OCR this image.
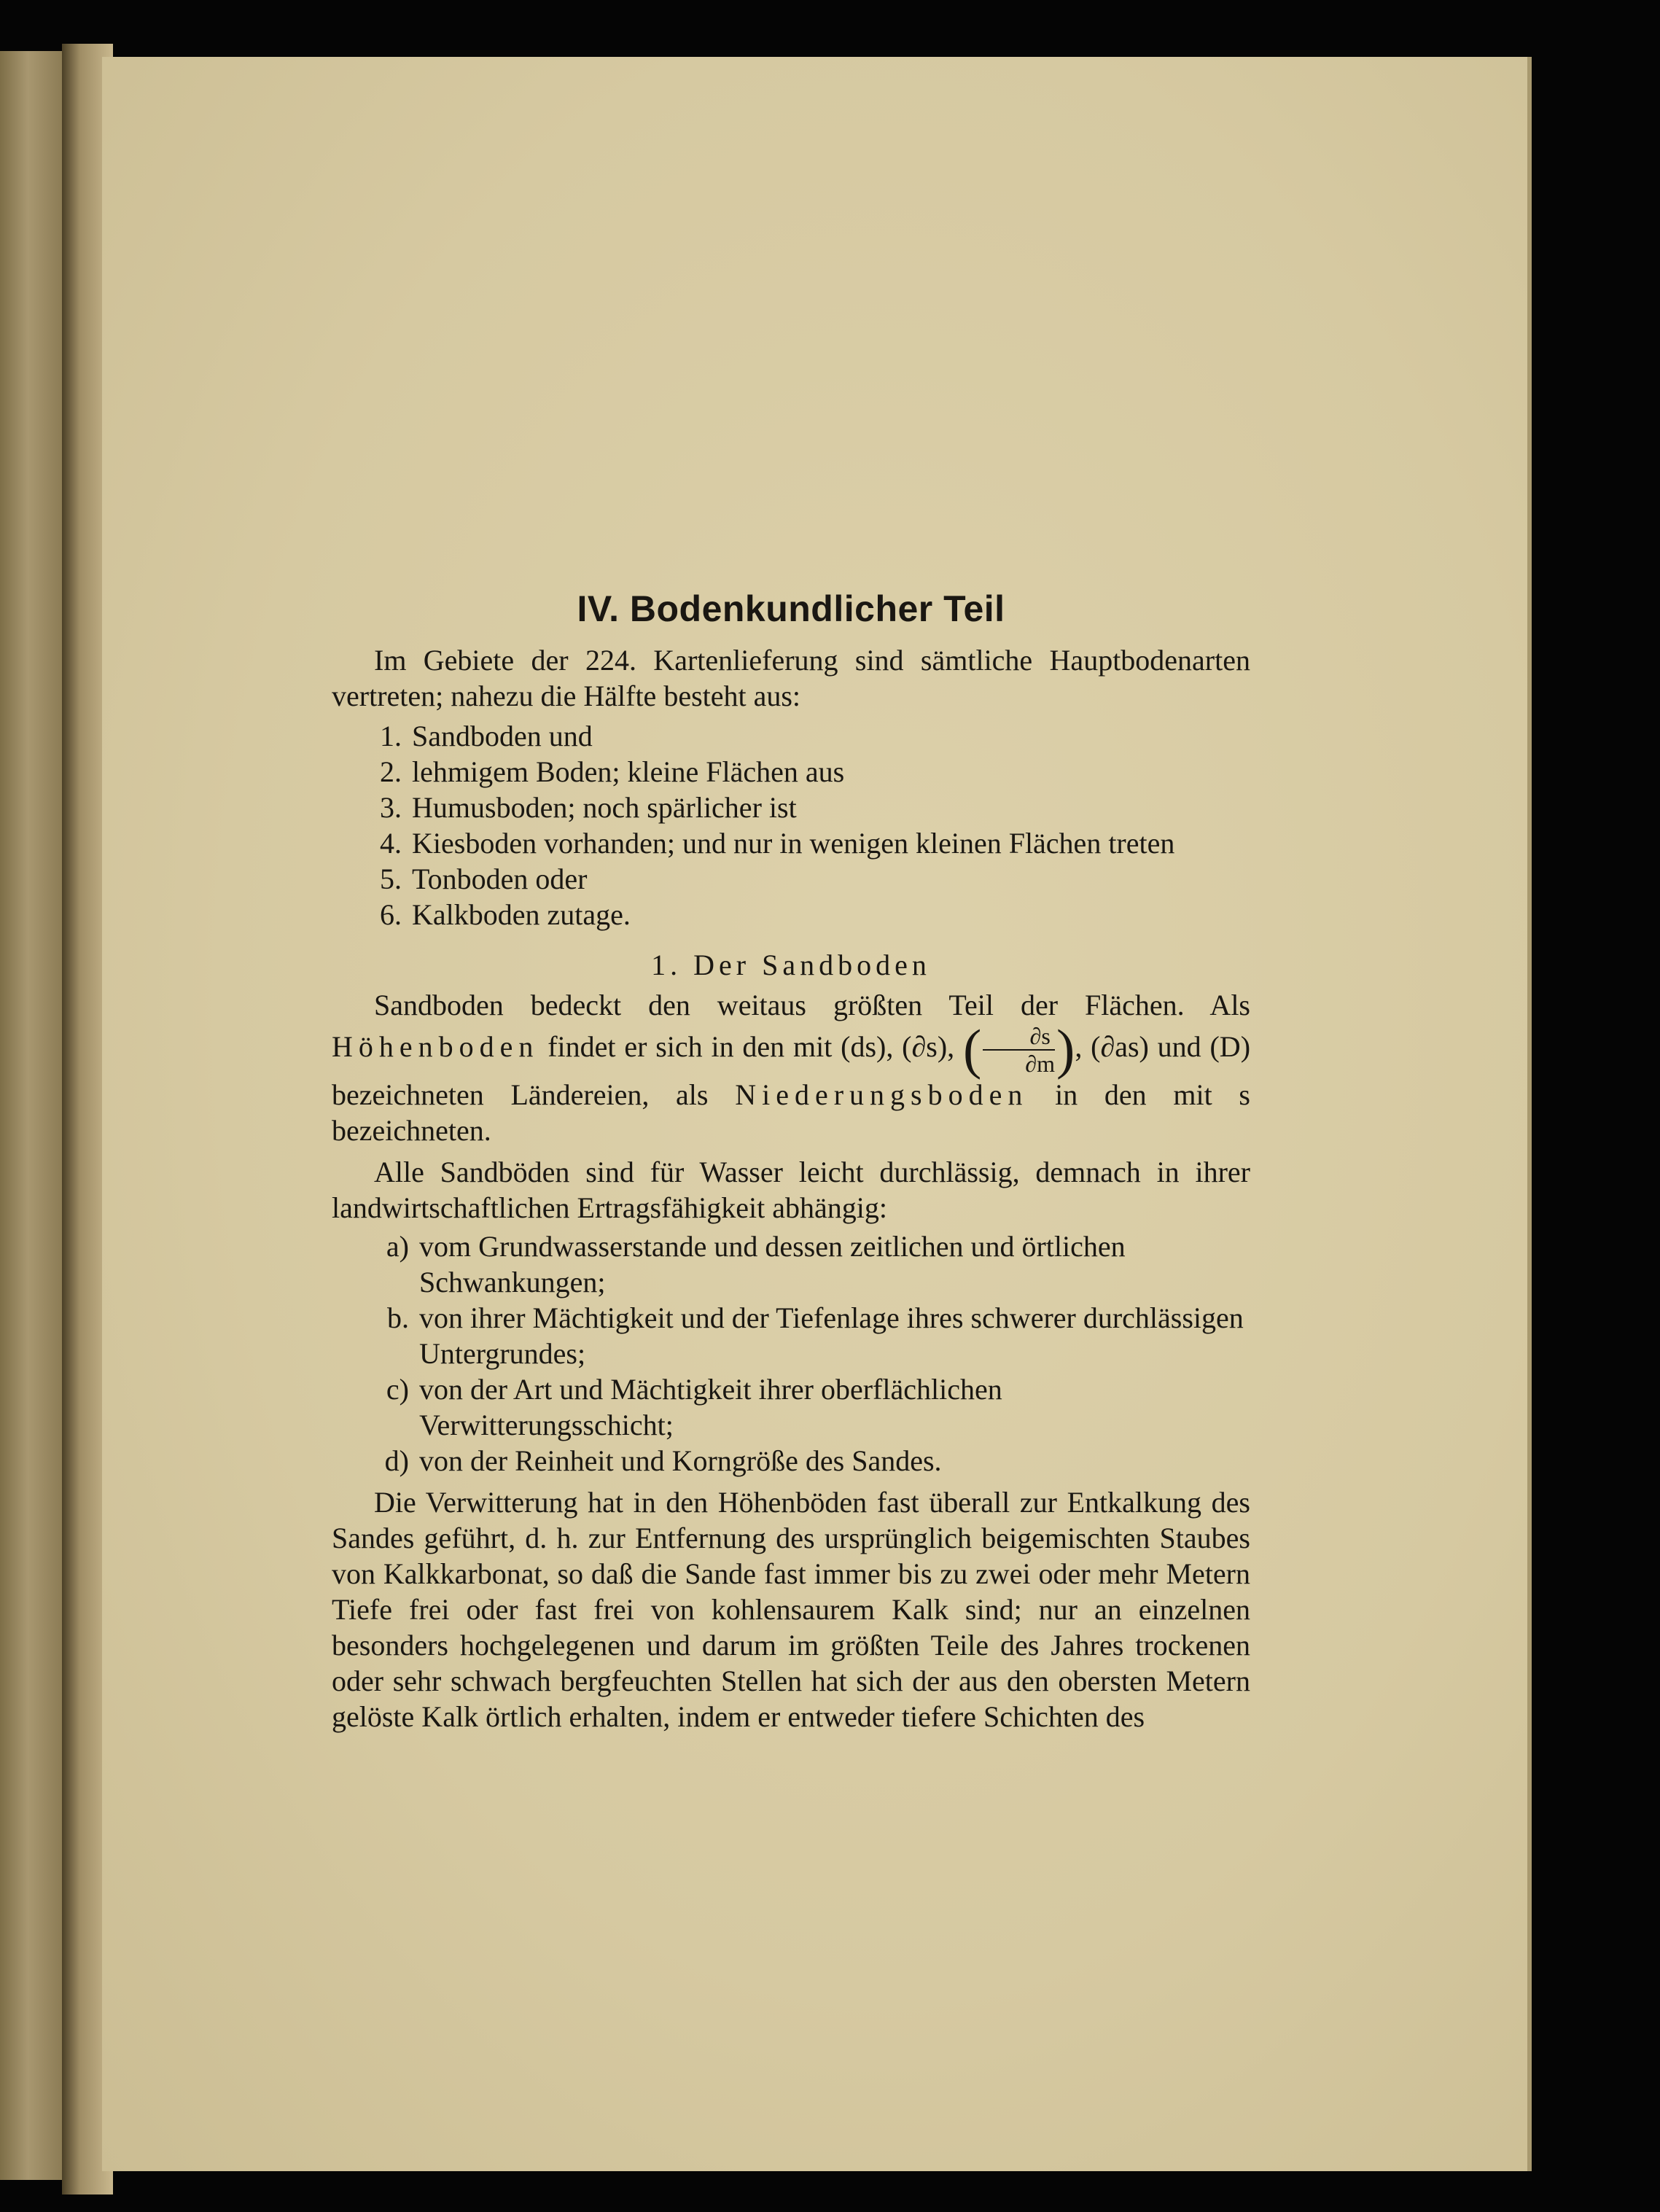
IV. Bodenkundlicher Teil

Im Gebiete der 224. Kartenlieferung sind sämtliche Hauptbodenarten vertreten; nahezu die Hälfte besteht aus:

1. Sandboden und
2. lehmigem Boden; kleine Flächen aus
3. Humusboden; noch spärlicher ist
4. Kiesboden vorhanden; und nur in wenigen kleinen Flächen treten
5. Tonboden oder
6. Kalkboden zutage.
1. Der Sandboden

Sandboden bedeckt den weitaus größten Teil der Flächen. Als Höhenboden findet er sich in den mit (ds), (∂s), ( $\frac{\partial s}{\partial m}$ ), (∂as) und (D) bezeichneten Ländereien, als Niederungsboden in den mit s bezeichneten.

Alle Sandböden sind für Wasser leicht durchlässig, demnach in ihrer landwirtschaftlichen Ertragsfähigkeit abhängig:

a) vom Grundwasserstande und dessen zeitlichen und örtlichen Schwankungen;
b. von ihrer Mächtigkeit und der Tiefenlage ihres schwerer durchlässigen Untergrundes;
c) von der Art und Mächtigkeit ihrer oberflächlichen Verwitterungsschicht;
d) von der Reinheit und Korngröße des Sandes.

Die Verwitterung hat in den Höhenböden fast überall zur Entkalkung des Sandes geführt, d. h. zur Entfernung des ursprünglich beigemischten Staubes von Kalkkarbonat, so daß die Sande fast immer bis zu zwei oder mehr Metern Tiefe frei oder fast frei von kohlensaurem Kalk sind; nur an einzelnen besonders hochgelegenen und darum im größten Teile des Jahres trockenen oder sehr schwach bergfeuchten Stellen hat sich der aus den obersten Metern gelöste Kalk örtlich erhalten, indem er entweder tiefere Schichten des
